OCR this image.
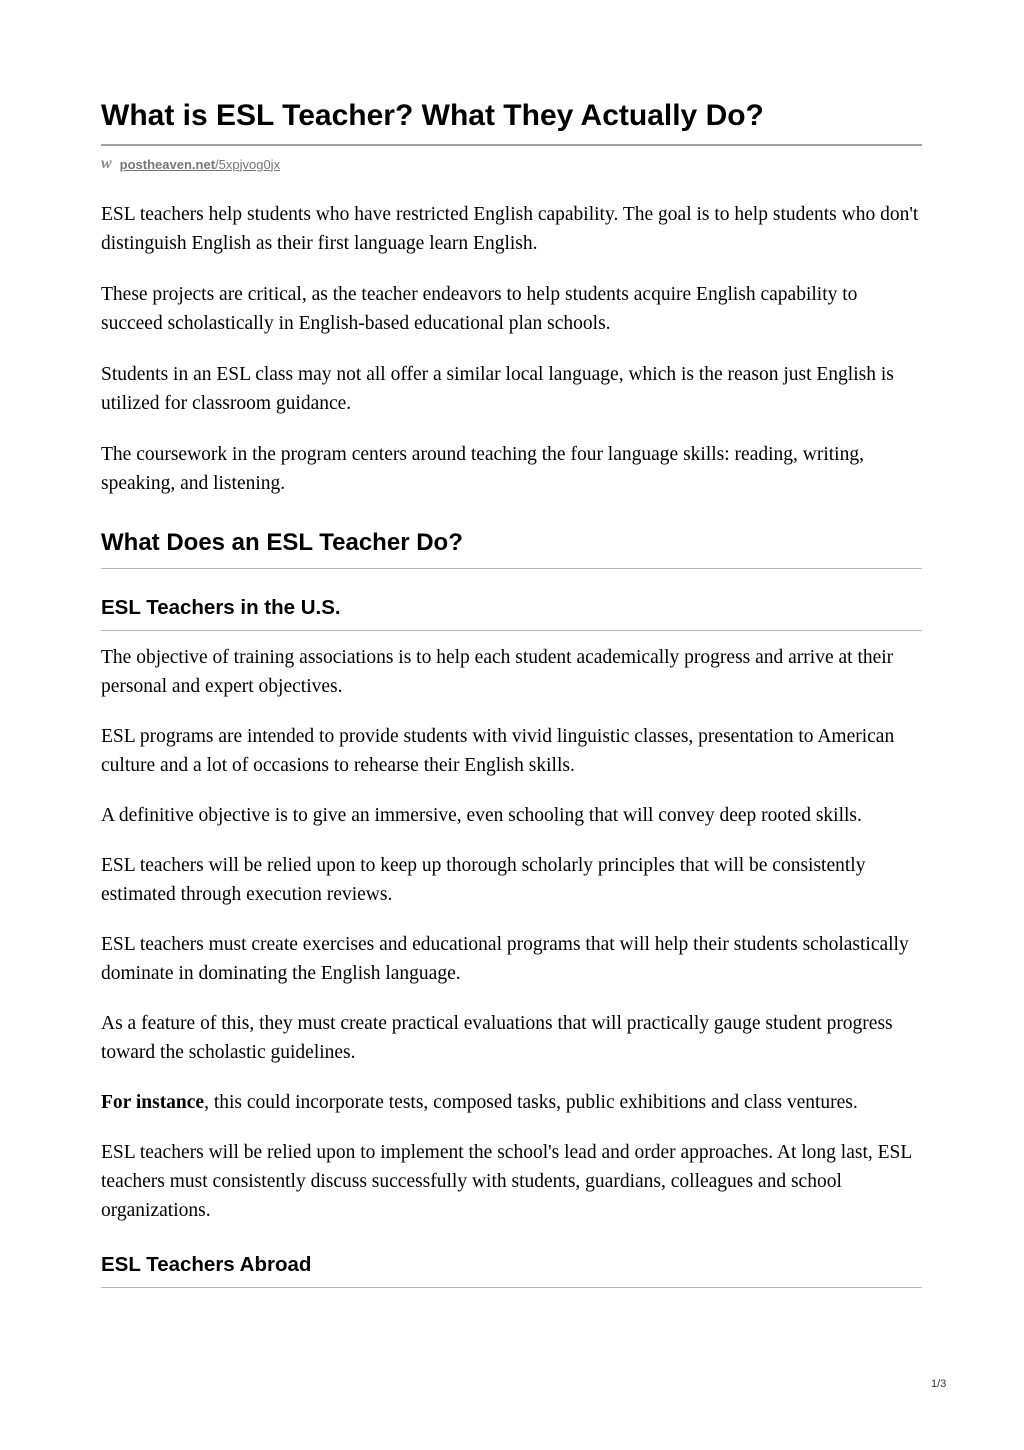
What is ESL Teacher? What They Actually Do?
w postheaven.net/5xpjvog0jx

ESL teachers help students who have restricted English capability. The goal is to help students who don't distinguish English as their first language learn English.

These projects are critical, as the teacher endeavors to help students acquire English capability to succeed scholastically in English-based educational plan schools.

Students in an ESL class may not all offer a similar local language, which is the reason just English is utilized for classroom guidance.

The coursework in the program centers around teaching the four language skills: reading, writing, speaking, and listening.

What Does an ESL Teacher Do?
ESL Teachers in the U.S.

The objective of training associations is to help each student academically progress and arrive at their personal and expert objectives.

ESL programs are intended to provide students with vivid linguistic classes, presentation to American culture and a lot of occasions to rehearse their English skills.

A definitive objective is to give an immersive, even schooling that will convey deep rooted skills.

ESL teachers will be relied upon to keep up thorough scholarly principles that will be consistently estimated through execution reviews.

ESL teachers must create exercises and educational programs that will help their students scholastically dominate in dominating the English language.

As a feature of this, they must create practical evaluations that will practically gauge student progress toward the scholastic guidelines.

For instance, this could incorporate tests, composed tasks, public exhibitions and class ventures.

ESL teachers will be relied upon to implement the school's lead and order approaches. At long last, ESL teachers must consistently discuss successfully with students, guardians, colleagues and school organizations.

ESL Teachers Abroad
1/3
